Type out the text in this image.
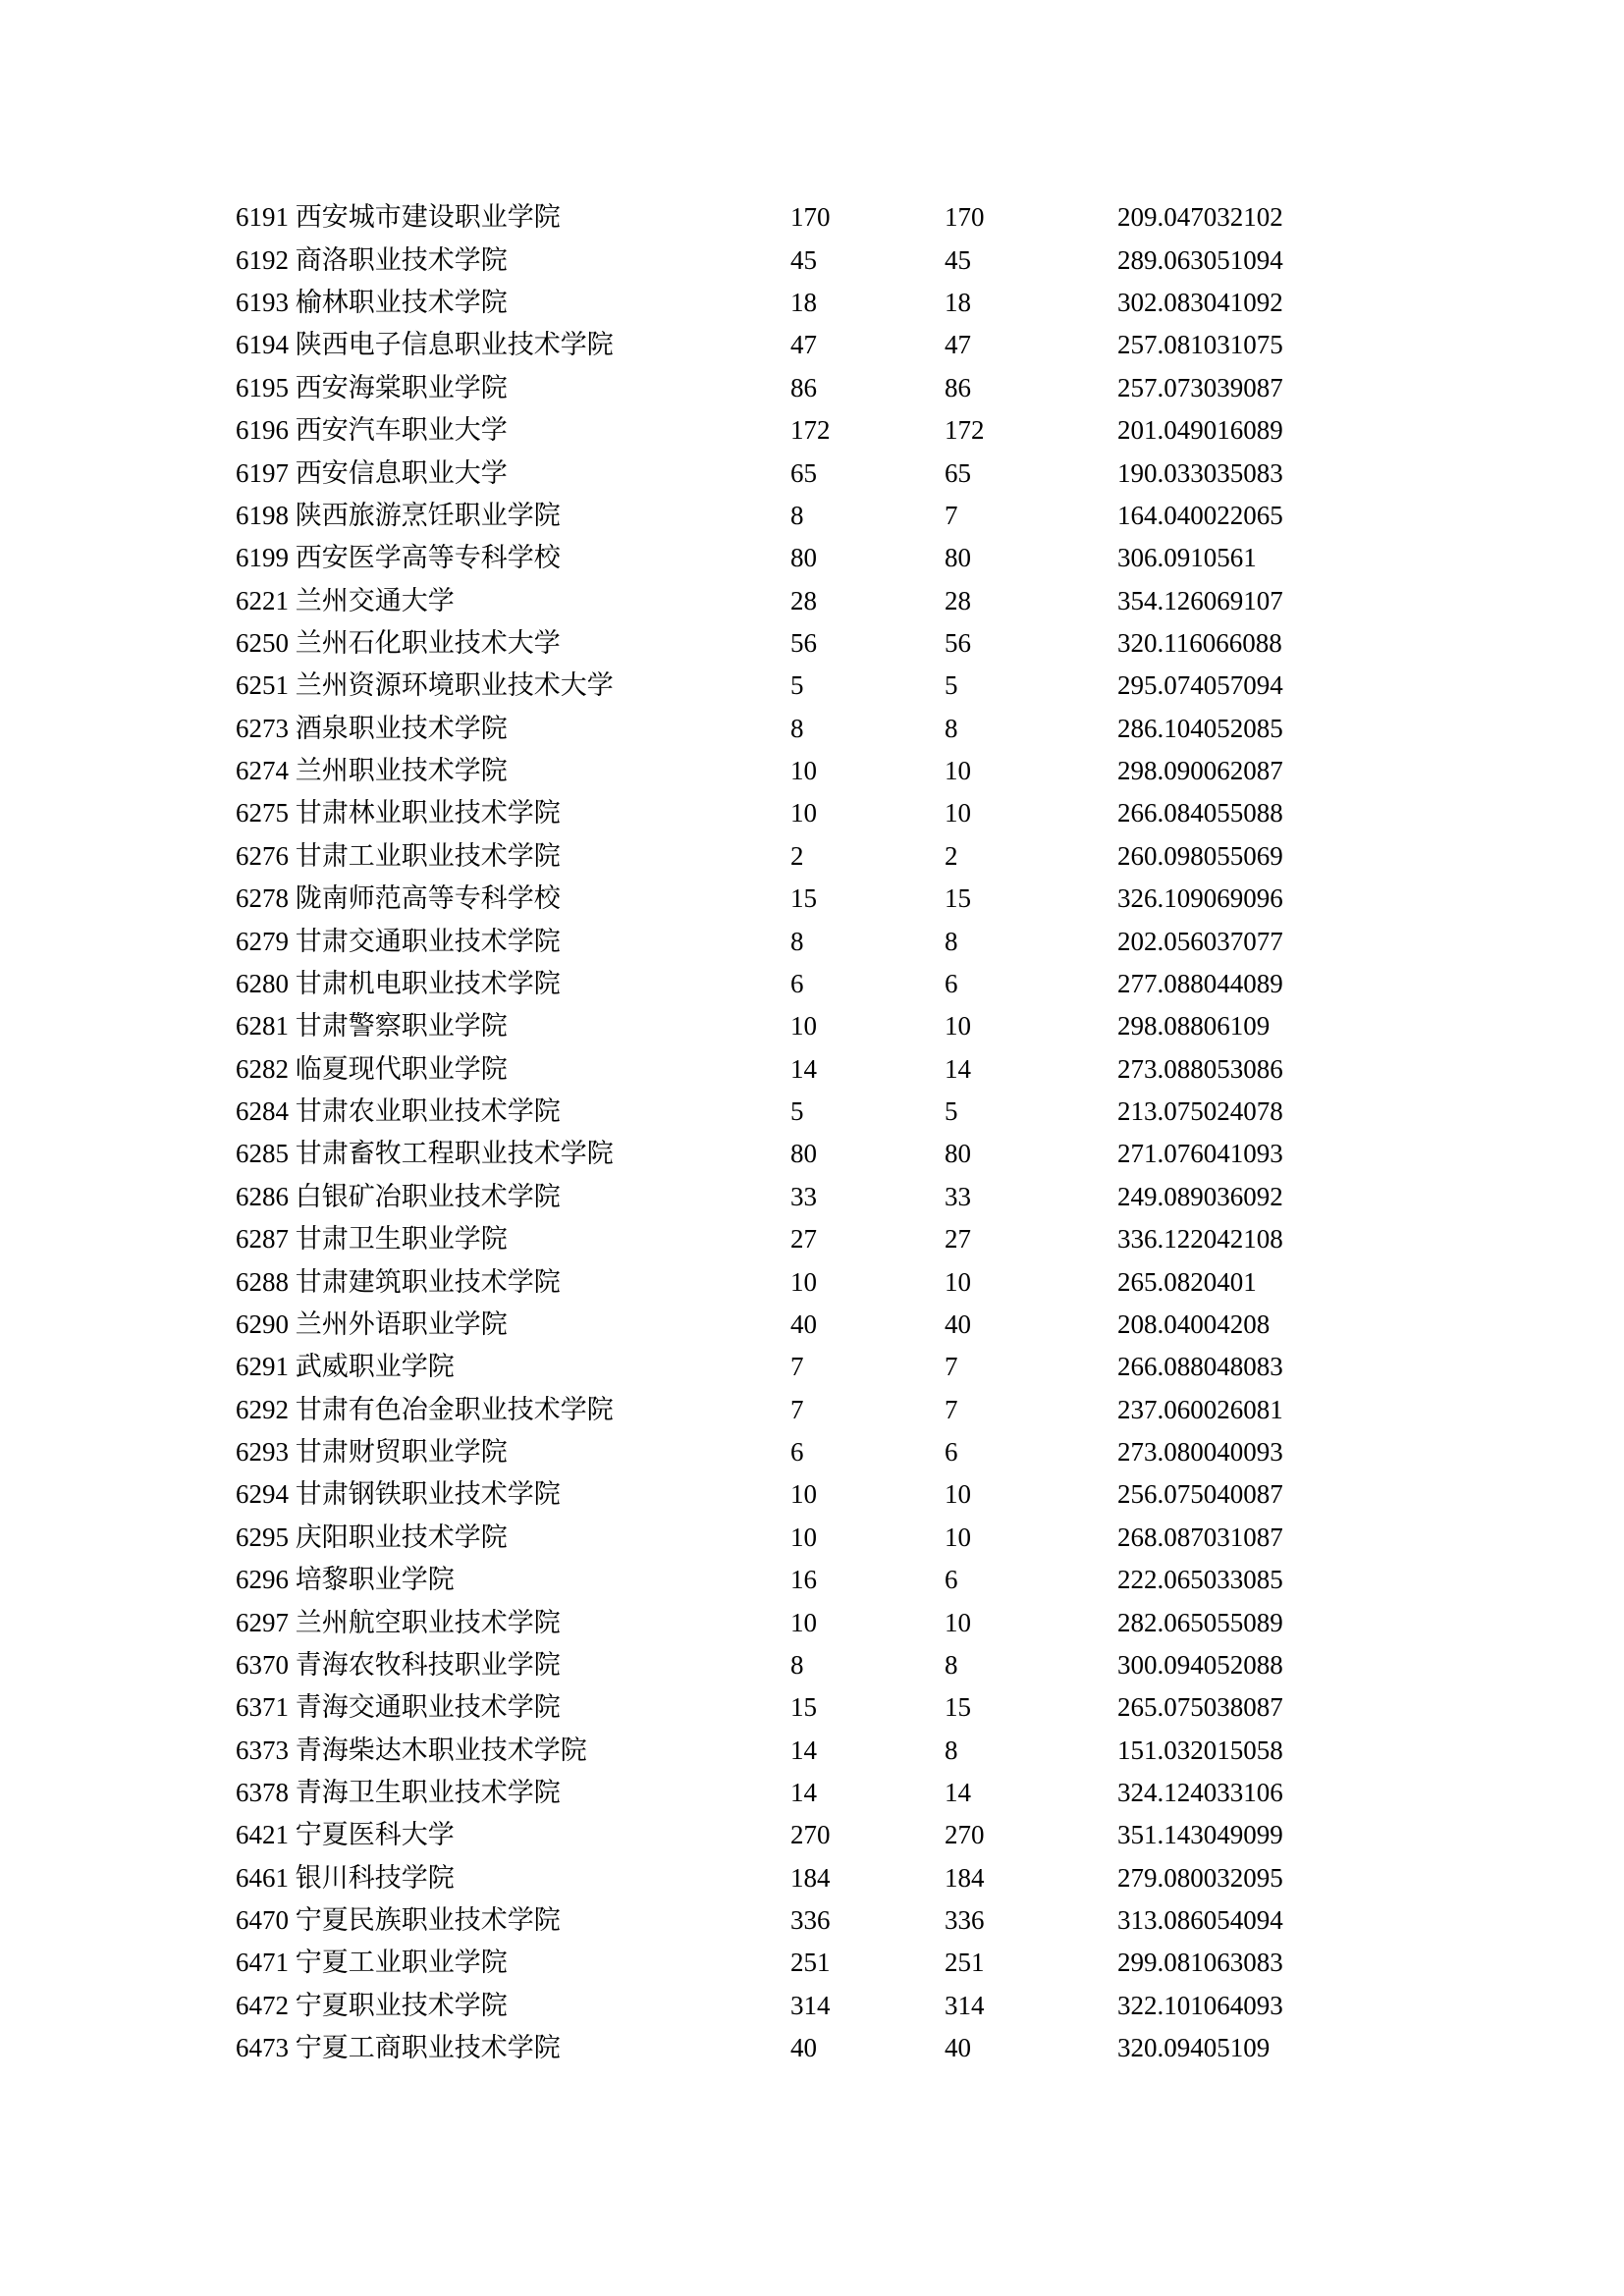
6191 西安城市建设职业学院	170	170	209.047032102
6192 商洛职业技术学院	45	45	289.063051094
6193 榆林职业技术学院	18	18	302.083041092
6194 陕西电子信息职业技术学院	47	47	257.081031075
6195 西安海棠职业学院	86	86	257.073039087
6196 西安汽车职业大学	172	172	201.049016089
6197 西安信息职业大学	65	65	190.033035083
6198 陕西旅游烹饪职业学院	8	7	164.040022065
6199 西安医学高等专科学校	80	80	306.0910561
6221 兰州交通大学	28	28	354.126069107
6250 兰州石化职业技术大学	56	56	320.116066088
6251 兰州资源环境职业技术大学	5	5	295.074057094
6273 酒泉职业技术学院	8	8	286.104052085
6274 兰州职业技术学院	10	10	298.090062087
6275 甘肃林业职业技术学院	10	10	266.084055088
6276 甘肃工业职业技术学院	2	2	260.098055069
6278 陇南师范高等专科学校	15	15	326.109069096
6279 甘肃交通职业技术学院	8	8	202.056037077
6280 甘肃机电职业技术学院	6	6	277.088044089
6281 甘肃警察职业学院	10	10	298.08806109
6282 临夏现代职业学院	14	14	273.088053086
6284 甘肃农业职业技术学院	5	5	213.075024078
6285 甘肃畜牧工程职业技术学院	80	80	271.076041093
6286 白银矿冶职业技术学院	33	33	249.089036092
6287 甘肃卫生职业学院	27	27	336.122042108
6288 甘肃建筑职业技术学院	10	10	265.0820401
6290 兰州外语职业学院	40	40	208.04004208
6291 武威职业学院	7	7	266.088048083
6292 甘肃有色冶金职业技术学院	7	7	237.060026081
6293 甘肃财贸职业学院	6	6	273.080040093
6294 甘肃钢铁职业技术学院	10	10	256.075040087
6295 庆阳职业技术学院	10	10	268.087031087
6296 培黎职业学院	16	6	222.065033085
6297 兰州航空职业技术学院	10	10	282.065055089
6370 青海农牧科技职业学院	8	8	300.094052088
6371 青海交通职业技术学院	15	15	265.075038087
6373 青海柴达木职业技术学院	14	8	151.032015058
6378 青海卫生职业技术学院	14	14	324.124033106
6421 宁夏医科大学	270	270	351.143049099
6461 银川科技学院	184	184	279.080032095
6470 宁夏民族职业技术学院	336	336	313.086054094
6471 宁夏工业职业学院	251	251	299.081063083
6472 宁夏职业技术学院	314	314	322.101064093
6473 宁夏工商职业技术学院	40	40	320.09405109
